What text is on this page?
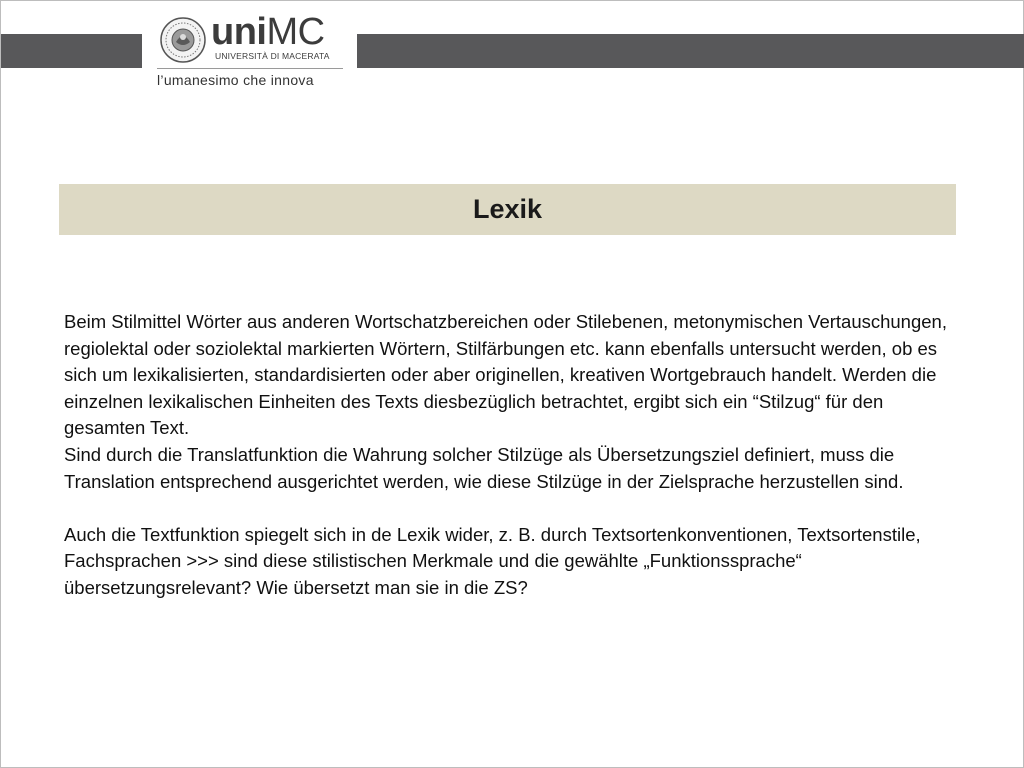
uniMC
UNIVERSITÀ DI MACERATA
l’umanesimo che innova
Lexik

Beim Stilmittel Wörter aus anderen Wortschatzbereichen oder Stilebenen, metonymischen Vertauschungen, regiolektal oder soziolektal markierten Wörtern, Stilfärbungen etc. kann ebenfalls untersucht werden, ob es sich um lexikalisierten, standardisierten oder aber originellen, kreativen Wortgebrauch handelt. Werden die einzelnen lexikalischen Einheiten des Texts diesbezüglich betrachtet, ergibt sich ein “Stilzug“ für den gesamten Text.

Sind durch die Translatfunktion die Wahrung solcher Stilzüge als Übersetzungsziel definiert, muss die Translation entsprechend ausgerichtet werden, wie diese Stilzüge in der Zielsprache herzustellen sind.

Auch die Textfunktion spiegelt sich in de Lexik wider, z. B. durch Textsortenkonventionen, Textsortenstile, Fachsprachen >>> sind diese stilistischen Merkmale und die gewählte „Funktionssprache“ übersetzungsrelevant? Wie übersetzt man sie in die ZS?
